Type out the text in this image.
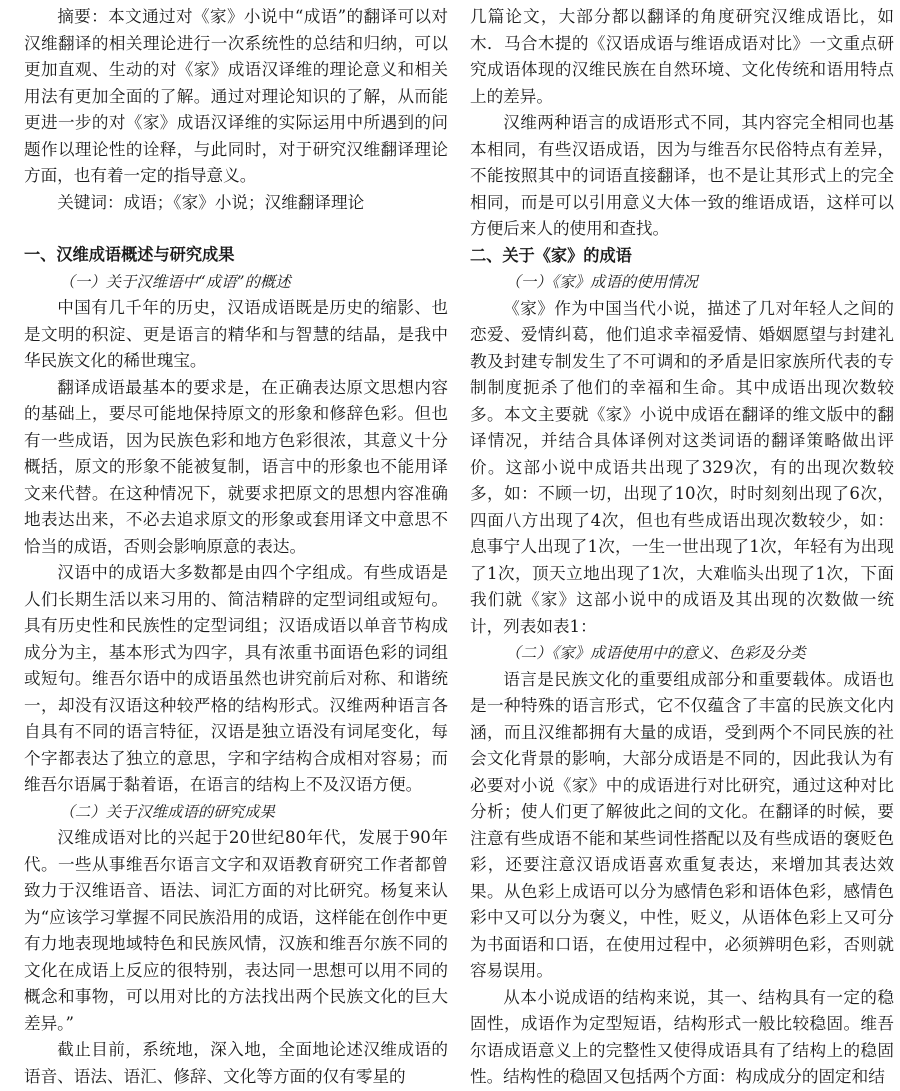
摘要：本文通过对《家》小说中“成语”的翻译可以对汉维翻译的相关理论进行一次系统性的总结和归纳，可以更加直观、生动的对《家》成语汉译维的理论意义和相关用法有更加全面的了解。通过对理论知识的了解，从而能更进一步的对《家》成语汉译维的实际运用中所遇到的问题作以理论性的诠释，与此同时，对于研究汉维翻译理论方面，也有着一定的指导意义。

关键词：成语；《家》小说；汉维翻译理论

一、汉维成语概述与研究成果
（一）关于汉维语中“成语”的概述

中国有几千年的历史，汉语成语既是历史的缩影、也是文明的积淀、更是语言的精华和与智慧的结晶，是我中华民族文化的稀世瑰宝。

翻译成语最基本的要求是，在正确表达原文思想内容的基础上，要尽可能地保持原文的形象和修辞色彩。但也有一些成语，因为民族色彩和地方色彩很浓，其意义十分概括，原文的形象不能被复制，语言中的形象也不能用译文来代替。在这种情况下，就要求把原文的思想内容准确地表达出来，不必去追求原文的形象或套用译文中意思不恰当的成语，否则会影响原意的表达。

汉语中的成语大多数都是由四个字组成。有些成语是人们长期生活以来习用的、简洁精辟的定型词组或短句。具有历史性和民族性的定型词组；汉语成语以单音节构成成分为主，基本形式为四字，具有浓重书面语色彩的词组或短句。维吾尔语中的成语虽然也讲究前后对称、和谐统一，却没有汉语这种较严格的结构形式。汉维两种语言各自具有不同的语言特征，汉语是独立语没有词尾变化，每个字都表达了独立的意思，字和字结构合成相对容易；而维吾尔语属于黏着语，在语言的结构上不及汉语方便。

（二）关于汉维成语的研究成果

汉维成语对比的兴起于20世纪80年代，发展于90年代。一些从事维吾尔语言文字和双语教育研究工作者都曾致力于汉维语音、语法、词汇方面的对比研究。杨复来认为“应该学习掌握不同民族沿用的成语，这样能在创作中更有力地表现地域特色和民族风情，汉族和维吾尔族不同的文化在成语上反应的很特别，表达同一思想可以用不同的概念和事物，可以用对比的方法找出两个民族文化的巨大差异。”

截止目前，系统地，深入地，全面地论述汉维成语的语音、语法、语汇、修辞、文化等方面的仅有零星的

几篇论文，大部分都以翻译的角度研究汉维成语比，如木．马合木提的《汉语成语与维语成语对比》一文重点研究成语体现的汉维民族在自然环境、文化传统和语用特点上的差异。

汉维两种语言的成语形式不同，其内容完全相同也基本相同，有些汉语成语，因为与维吾尔民俗特点有差异，不能按照其中的词语直接翻译，也不是让其形式上的完全相同，而是可以引用意义大体一致的维语成语，这样可以方便后来人的使用和查找。

二、关于《家》的成语
（一）《家》成语的使用情况

《家》作为中国当代小说，描述了几对年轻人之间的恋爱、爱情纠葛，他们追求幸福爱情、婚姻愿望与封建礼教及封建专制发生了不可调和的矛盾是旧家族所代表的专制制度扼杀了他们的幸福和生命。其中成语出现次数较多。本文主要就《家》小说中成语在翻译的维文版中的翻译情况，并结合具体译例对这类词语的翻译策略做出评价。这部小说中成语共出现了329次，有的出现次数较多，如：不顾一切，出现了10次，时时刻刻出现了6次，四面八方出现了4次，但也有些成语出现次数较少，如：息事宁人出现了1次，一生一世出现了1次，年轻有为出现了1次，顶天立地出现了1次，大难临头出现了1次，下面我们就《家》这部小说中的成语及其出现的次数做一统计，列表如表1：

（二）《家》成语使用中的意义、色彩及分类

语言是民族文化的重要组成部分和重要载体。成语也是一种特殊的语言形式，它不仅蕴含了丰富的民族文化内涵，而且汉维都拥有大量的成语，受到两个不同民族的社会文化背景的影响，大部分成语是不同的，因此我认为有必要对小说《家》中的成语进行对比研究，通过这种对比分析；使人们更了解彼此之间的文化。在翻译的时候，要注意有些成语不能和某些词性搭配以及有些成语的褒贬色彩，还要注意汉语成语喜欢重复表达，来增加其表达效果。从色彩上成语可以分为感情色彩和语体色彩，感情色彩中又可以分为褒义，中性，贬义，从语体色彩上又可分为书面语和口语，在使用过程中，必须辨明色彩，否则就容易误用。

从本小说成语的结构来说，其一、结构具有一定的稳固性，成语作为定型短语，结构形式一般比较稳固。维吾尔语成语意义上的完整性又使得成语具有了结构上的稳固性。结构性的稳固又包括两个方面：构成成分的固定和结
